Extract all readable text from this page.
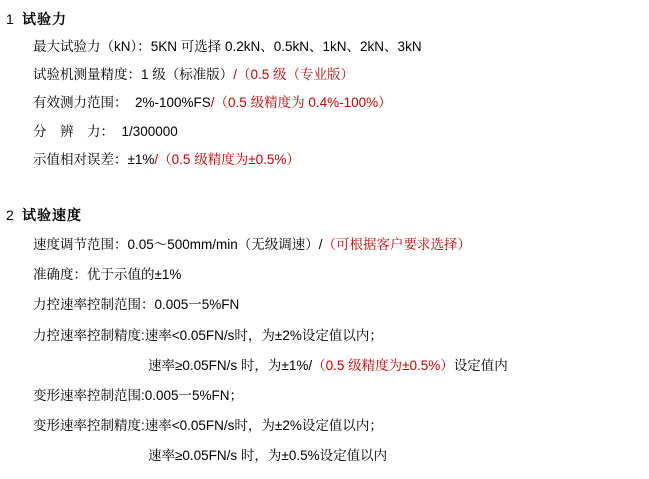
1 试验力
最大试验力（kN）：5KN 可选择 0.2kN、0.5kN、1kN、2kN、3kN
试验机测量精度：1 级（标准版）/（0.5 级（专业版）
有效测力范围：  2%-100%FS/（0.5 级精度为 0.4%-100%）
分　辨　力：  1/300000
示值相对误差：±1%/（0.5 级精度为±0.5%）
2 试验速度
速度调节范围：0.05～500mm/min（无级调速）/（可根据客户要求选择）
准确度：优于示值的±1%
力控速率控制范围：0.005一5%FN
力控速率控制精度:速率<0.05FN/s时，为±2%设定值以内；
速率≥0.05FN/s 时，为±1%/（0.5 级精度为±0.5%）设定值内
变形速率控制范围:0.005一5%FN；
变形速率控制精度:速率<0.05FN/s时，为±2%设定值以内；
速率≥0.05FN/s 时，为±0.5%设定值以内
